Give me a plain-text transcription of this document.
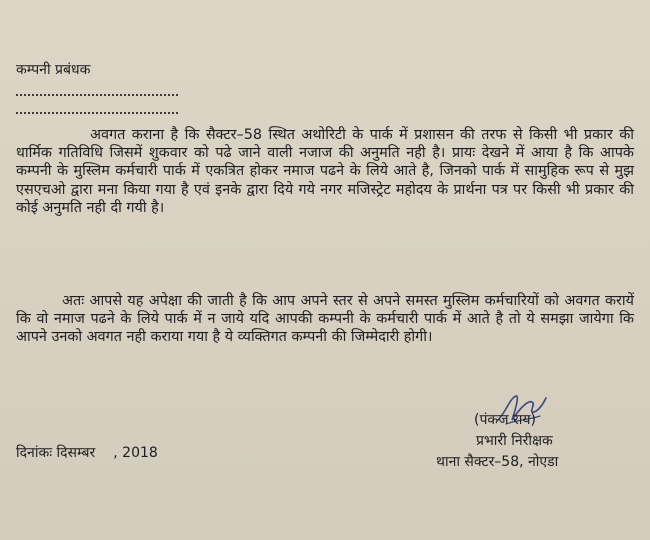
कम्पनी प्रबंधक

अवगत कराना है कि सैक्टर–58 स्थित अथोरिटी के पार्क में प्रशासन की तरफ से किसी भी प्रकार की धार्मिक गतिविधि जिसमें शुकवार को पढे जाने वाली नजाज की अनुमति नही है। प्रायः देखने में आया है कि आपके कम्पनी के मुस्लिम कर्मचारी पार्क में एकत्रित होकर नमाज पढने के लिये आते है, जिनको पार्क में सामुहिक रूप से मुझ एसएचओ द्वारा मना किया गया है एवं इनके द्वारा दिये गये नगर मजिस्ट्रेट महोदय के प्रार्थना पत्र पर किसी भी प्रकार की कोई अनुमति नही दी गयी है।

अतः आपसे यह अपेक्षा की जाती है कि आप अपने स्तर से अपने समस्त मुस्लिम कर्मचारियों को अवगत करायें कि वो नमाज पढने के लिये पार्क में न जाये यदि आपकी कम्पनी के कर्मचारी पार्क में आते है तो ये समझा जायेगा कि आपने उनको अवगत नही कराया गया है ये व्यक्तिगत कम्पनी की जिम्मेदारी होगी।

दिनांकः दिसम्बर , 2018
(पंकज राय)
प्रभारी निरीक्षक
थाना सैक्टर–58, नोएडा
